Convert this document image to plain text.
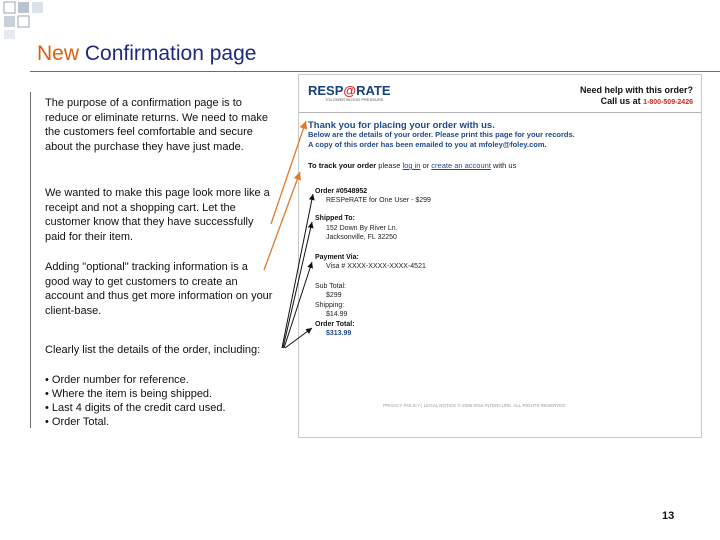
New Confirmation page
The purpose of a confirmation page is to reduce or eliminate returns. We need to make the customers feel comfortable and secure about the purchase they have just made.
We wanted to make this page look more like a receipt and not a shopping cart. Let the customer know that they have successfully paid for their item.
Adding "optional" tracking information is a good way to get customers to create an account and thus get more information on your client-base.
Clearly list the details of the order, including:
• Order number for reference.
• Where the item is being shipped.
• Last 4 digits of the credit card used.
• Order Total.
RESP@RATE
TOLOWER BLOOD PRESSURE
Need help with this order?
Call us at 1-800-509-2426
Thank you for placing your order with us.
Below are the details of your order. Please print this page for your records.
A copy of this order has been emailed to you at mfoley@foley.com.
To track your order please log in or create an account with us
Order #0548952
RESPeRATE for One User - $299
Shipped To:
152 Down By River Ln.
Jacksonville, FL 32250
Payment Via:
Visa # XXXX-XXXX-XXXX-4521
Sub Total:
$299
Shipping:
$14.99
Order Total:
$313.99
PRIVACY POLICY | LEGAL NOTICE © 2006-2016 INTERCURE. ALL RIGHTS RESERVED
13
